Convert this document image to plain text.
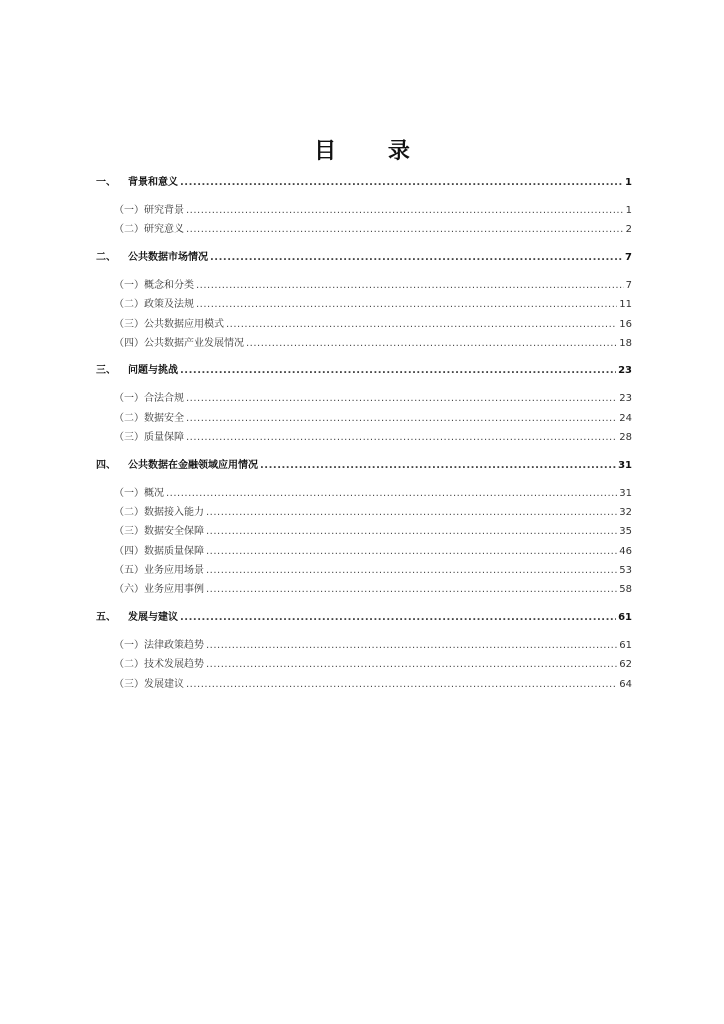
目 录
一、	背景和意义 .....	1
（一）研究背景 .....	1
（二）研究意义 .....	2
二、	公共数据市场情况 .....	7
（一）概念和分类 .....	7
（二）政策及法规 .....	11
（三）公共数据应用模式 .....	16
（四）公共数据产业发展情况 .....	18
三、	问题与挑战 .....	23
（一）合法合规 .....	23
（二）数据安全 .....	24
（三）质量保障 .....	28
四、	公共数据在金融领域应用情况 .....	31
（一）概况 .....	31
（二）数据接入能力 .....	32
（三）数据安全保障 .....	35
（四）数据质量保障 .....	46
（五）业务应用场景 .....	53
（六）业务应用事例 .....	58
五、	发展与建议 .....	61
（一）法律政策趋势 .....	61
（二）技术发展趋势 .....	62
（三）发展建议 .....	64
